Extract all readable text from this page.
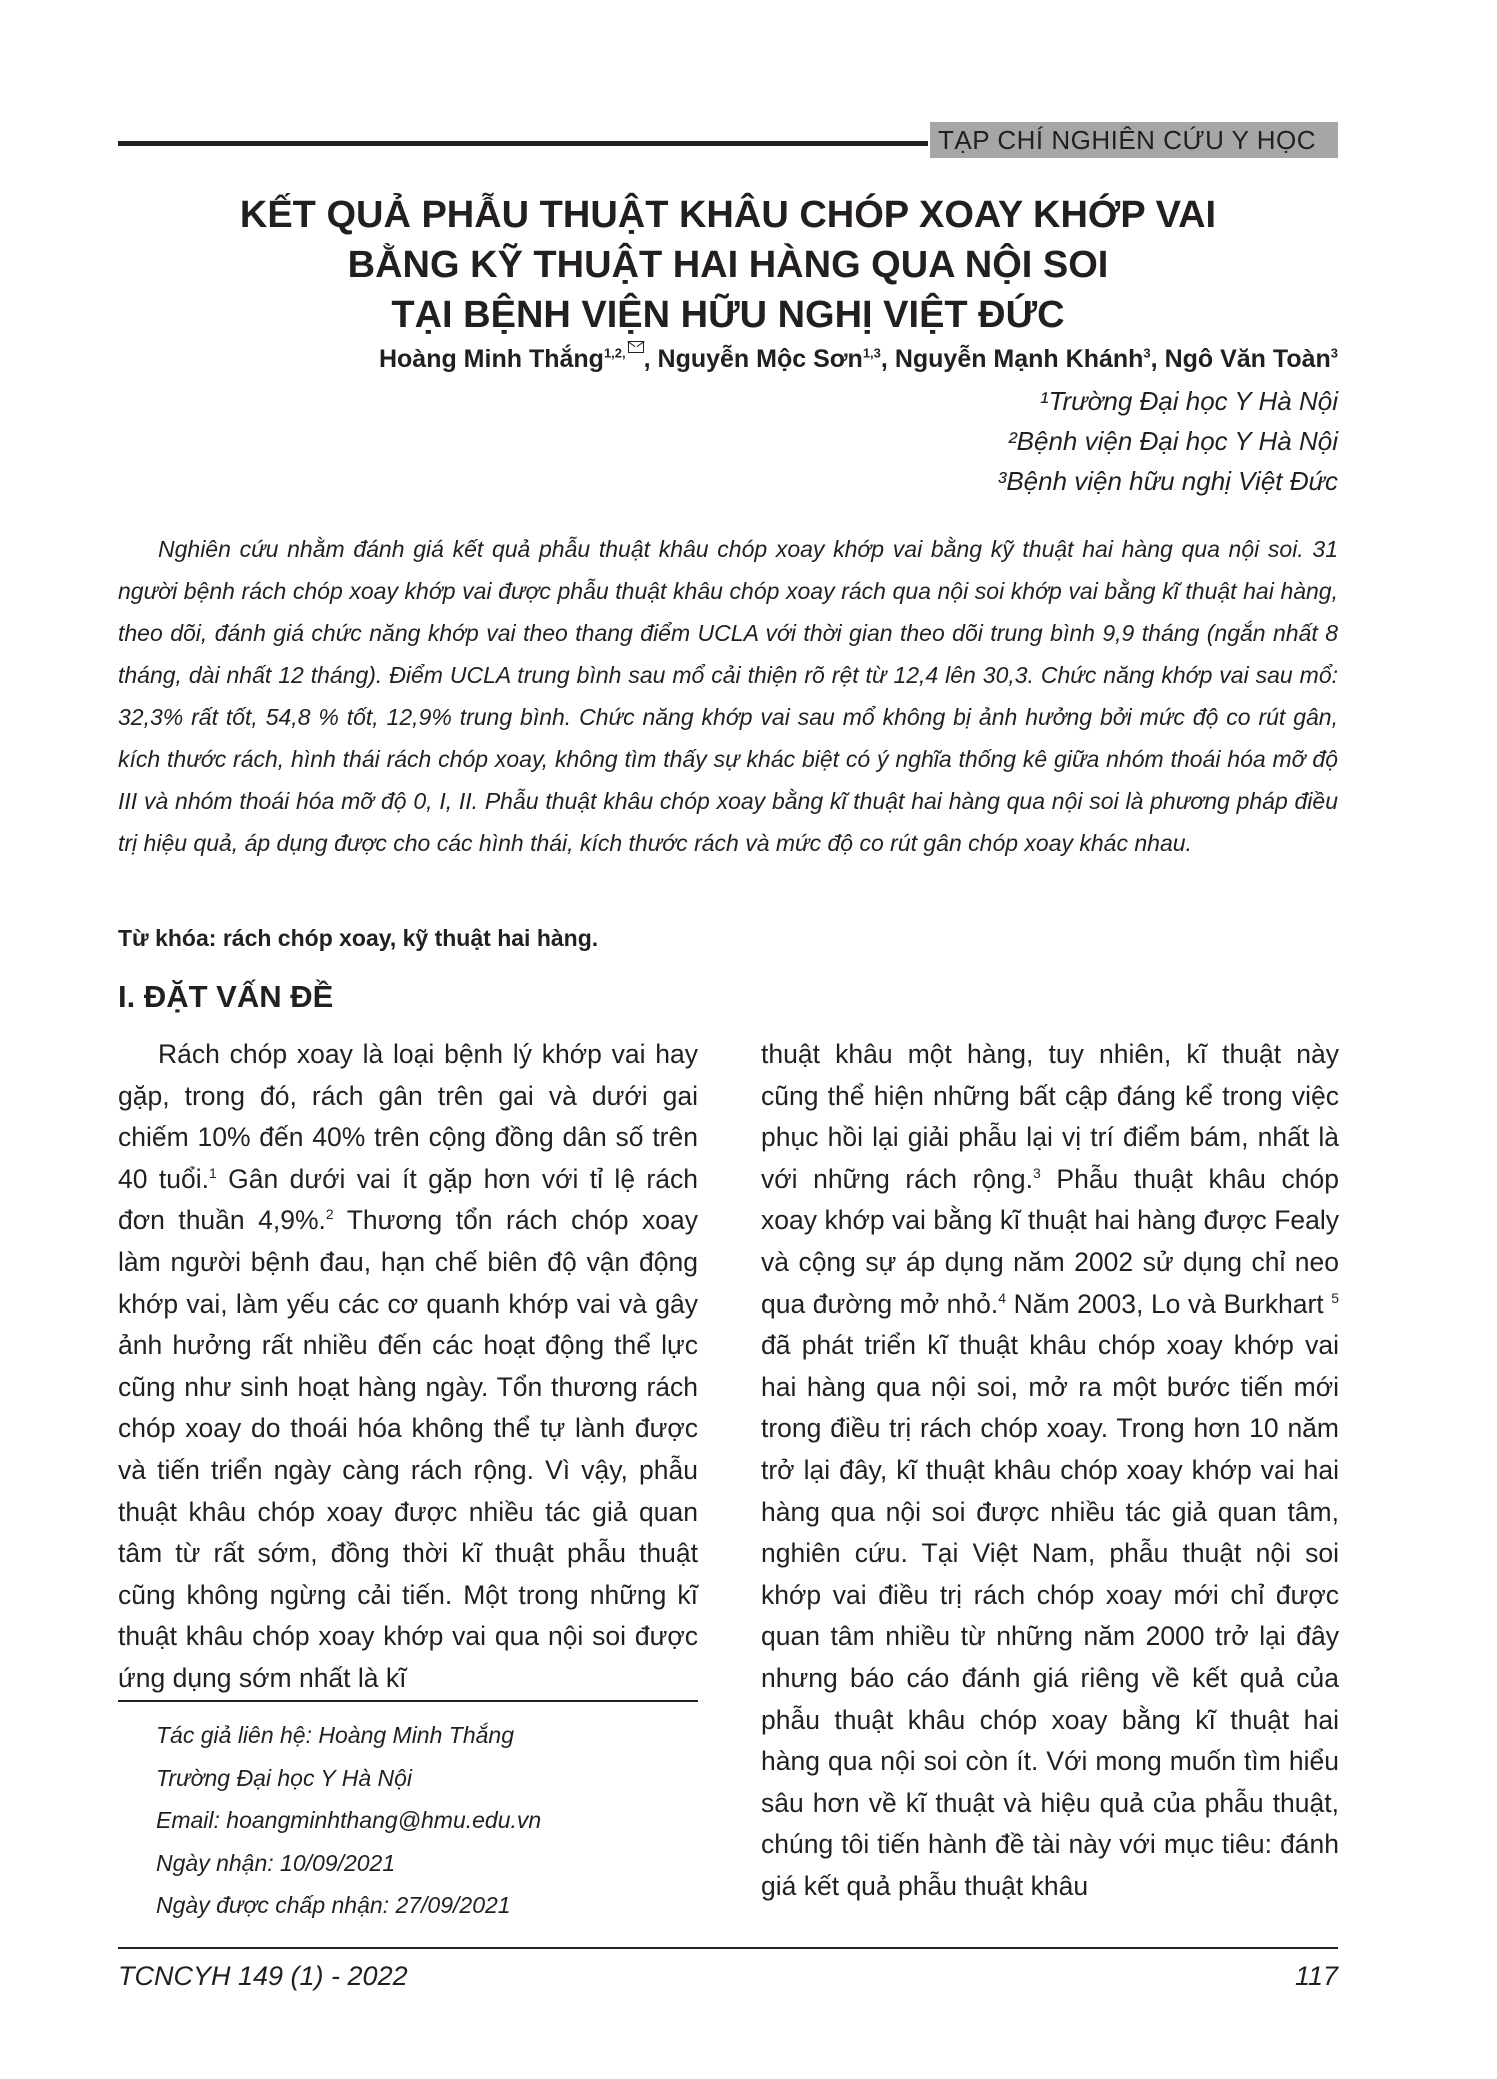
TẠP CHÍ NGHIÊN CỨU Y HỌC
KẾT QUẢ PHẪU THUẬT KHÂU CHÓP XOAY KHỚP VAI
BẰNG KỸ THUẬT HAI HÀNG QUA NỘI SOI
TẠI BỆNH VIỆN HỮU NGHỊ VIỆT ĐỨC
Hoàng Minh Thắng$^{1,2,}$ , Nguyễn Mộc Sơn$^{1,3}$, Nguyễn Mạnh Khánh$^3$, Ngô Văn Toàn$^3$
¹Trường Đại học Y Hà Nội
²Bệnh viện Đại học Y Hà Nội
³Bệnh viện hữu nghị Việt Đức

Nghiên cứu nhằm đánh giá kết quả phẫu thuật khâu chóp xoay khớp vai bằng kỹ thuật hai hàng qua nội soi. 31 người bệnh rách chóp xoay khớp vai được phẫu thuật khâu chóp xoay rách qua nội soi khớp vai bằng kĩ thuật hai hàng, theo dõi, đánh giá chức năng khớp vai theo thang điểm UCLA với thời gian theo dõi trung bình 9,9 tháng (ngắn nhất 8 tháng, dài nhất 12 tháng). Điểm UCLA trung bình sau mổ cải thiện rõ rệt từ 12,4 lên 30,3. Chức năng khớp vai sau mổ: 32,3% rất tốt, 54,8 % tốt, 12,9% trung bình. Chức năng khớp vai sau mổ không bị ảnh hưởng bởi mức độ co rút gân, kích thước rách, hình thái rách chóp xoay, không tìm thấy sự khác biệt có ý nghĩa thống kê giữa nhóm thoái hóa mỡ độ III và nhóm thoái hóa mỡ độ 0, I, II. Phẫu thuật khâu chóp xoay bằng kĩ thuật hai hàng qua nội soi là phương pháp điều trị hiệu quả, áp dụng được cho các hình thái, kích thước rách và mức độ co rút gân chóp xoay khác nhau.

Từ khóa: rách chóp xoay, kỹ thuật hai hàng.
I. ĐẶT VẤN ĐỀ

Rách chóp xoay là loại bệnh lý khớp vai hay gặp, trong đó, rách gân trên gai và dưới gai chiếm 10% đến 40% trên cộng đồng dân số trên 40 tuổi.$^1$ Gân dưới vai ít gặp hơn với tỉ lệ rách đơn thuần 4,9%.$^2$ Thương tổn rách chóp xoay làm người bệnh đau, hạn chế biên độ vận động khớp vai, làm yếu các cơ quanh khớp vai và gây ảnh hưởng rất nhiều đến các hoạt động thể lực cũng như sinh hoạt hàng ngày. Tổn thương rách chóp xoay do thoái hóa không thể tự lành được và tiến triển ngày càng rách rộng. Vì vậy, phẫu thuật khâu chóp xoay được nhiều tác giả quan tâm từ rất sớm, đồng thời kĩ thuật phẫu thuật cũng không ngừng cải tiến. Một trong những kĩ thuật khâu chóp xoay khớp vai qua nội soi được ứng dụng sớm nhất là kĩ

thuật khâu một hàng, tuy nhiên, kĩ thuật này cũng thể hiện những bất cập đáng kể trong việc phục hồi lại giải phẫu lại vị trí điểm bám, nhất là với những rách rộng.$^3$ Phẫu thuật khâu chóp xoay khớp vai bằng kĩ thuật hai hàng được Fealy và cộng sự áp dụng năm 2002 sử dụng chỉ neo qua đường mở nhỏ.$^4$ Năm 2003, Lo và Burkhart $^5$ đã phát triển kĩ thuật khâu chóp xoay khớp vai hai hàng qua nội soi, mở ra một bước tiến mới trong điều trị rách chóp xoay. Trong hơn 10 năm trở lại đây, kĩ thuật khâu chóp xoay khớp vai hai hàng qua nội soi được nhiều tác giả quan tâm, nghiên cứu. Tại Việt Nam, phẫu thuật nội soi khớp vai điều trị rách chóp xoay mới chỉ được quan tâm nhiều từ những năm 2000 trở lại đây nhưng báo cáo đánh giá riêng về kết quả của phẫu thuật khâu chóp xoay bằng kĩ thuật hai hàng qua nội soi còn ít. Với mong muốn tìm hiểu sâu hơn về kĩ thuật và hiệu quả của phẫu thuật, chúng tôi tiến hành đề tài này với mục tiêu: đánh giá kết quả phẫu thuật khâu

Tác giả liên hệ: Hoàng Minh Thắng
Trường Đại học Y Hà Nội
Email: hoangminhthang@hmu.edu.vn
Ngày nhận: 10/09/2021
Ngày được chấp nhận: 27/09/2021
TCNCYH 149 (1) - 2022	117
